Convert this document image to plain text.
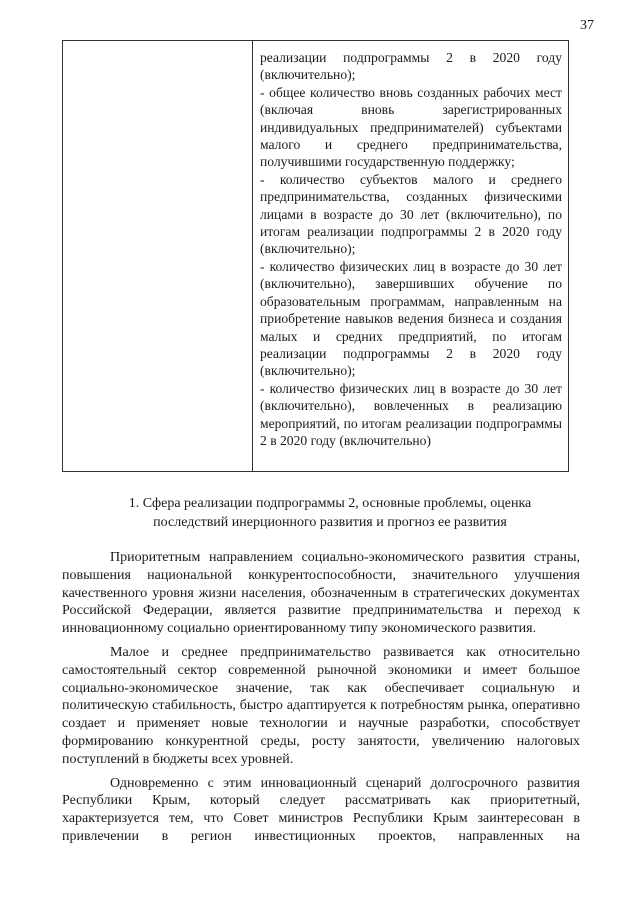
37

реализации подпрограммы 2 в 2020 году (включительно);

- общее количество вновь созданных рабочих мест (включая вновь зарегистрированных индивидуальных предпринимателей) субъектами малого и среднего предпринимательства, получившими государственную поддержку;

- количество субъектов малого и среднего предпринимательства, созданных физическими лицами в возрасте до 30 лет (включительно), по итогам реализации подпрограммы 2 в 2020 году (включительно);

- количество физических лиц в возрасте до 30 лет (включительно), завершивших обучение по образовательным программам, направленным на приобретение навыков ведения бизнеса и создания малых и средних предприятий, по итогам реализации подпрограммы 2 в 2020 году (включительно);

- количество физических лиц в возрасте до 30 лет (включительно), вовлеченных в реализацию мероприятий, по итогам реализации подпрограммы 2 в 2020 году (включительно)

1. Сфера реализации подпрограммы 2, основные проблемы, оценка
последствий инерционного развития и прогноз ее развития

Приоритетным направлением социально-экономического развития страны, повышения национальной конкурентоспособности, значительного улучшения качественного уровня жизни населения, обозначенным в стратегических документах Российской Федерации, является развитие предпринимательства и переход к инновационному социально ориентированному типу экономического развития.

Малое и среднее предпринимательство развивается как относительно самостоятельный сектор современной рыночной экономики и имеет большое социально-экономическое значение, так как обеспечивает социальную и политическую стабильность, быстро адаптируется к потребностям рынка, оперативно создает и применяет новые технологии и научные разработки, способствует формированию конкурентной среды, росту занятости, увеличению налоговых поступлений в бюджеты всех уровней.

Одновременно с этим инновационный сценарий долгосрочного развития Республики Крым, который следует рассматривать как приоритетный, характеризуется тем, что Совет министров Республики Крым заинтересован в привлечении в регион инвестиционных проектов, направленных на
